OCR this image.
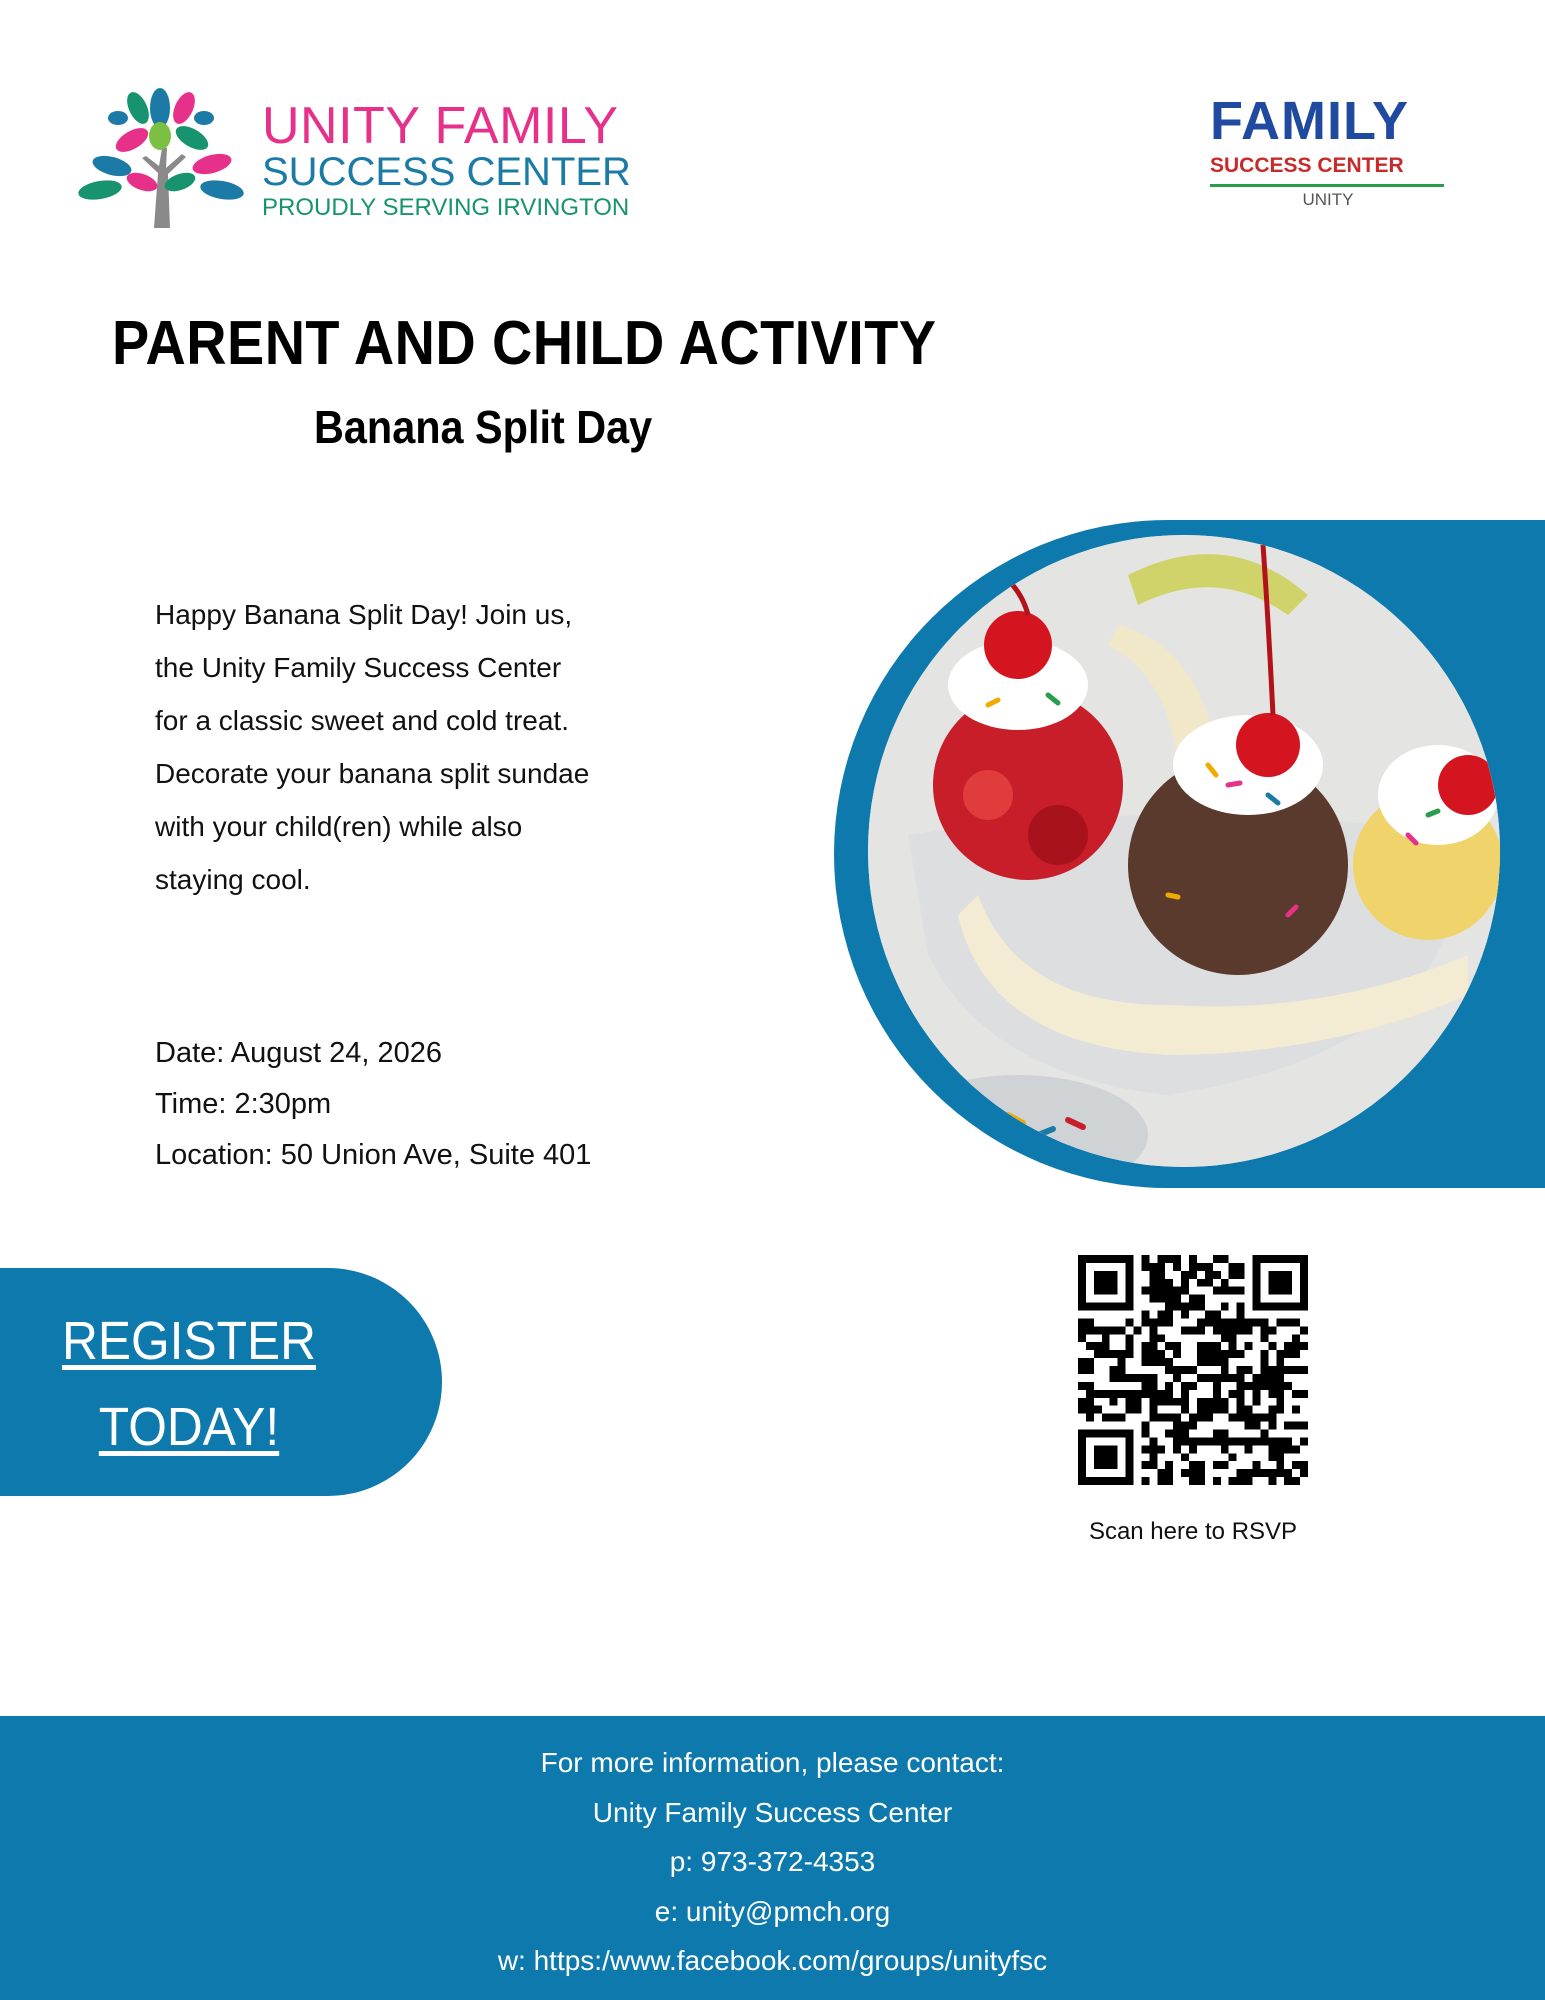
UNITY FAMILY
SUCCESS CENTER
PROUDLY SERVING IRVINGTON
FAMILY
SUCCESS CENTER
UNITY
PARENT AND CHILD ACTIVITY
Banana Split Day
Happy Banana Split Day! Join us,
the Unity Family Success Center
for a classic sweet and cold treat.
Decorate your banana split sundae
with your child(ren) while also
staying cool.
Date: August 24, 2026
Time: 2:30pm
Location: 50 Union Ave, Suite 401
REGISTER
TODAY!
Scan here to RSVP
For more information, please contact:
Unity Family Success Center
p: 973-372-4353
e: unity@pmch.org
w: https:/www.facebook.com/groups/unityfsc
